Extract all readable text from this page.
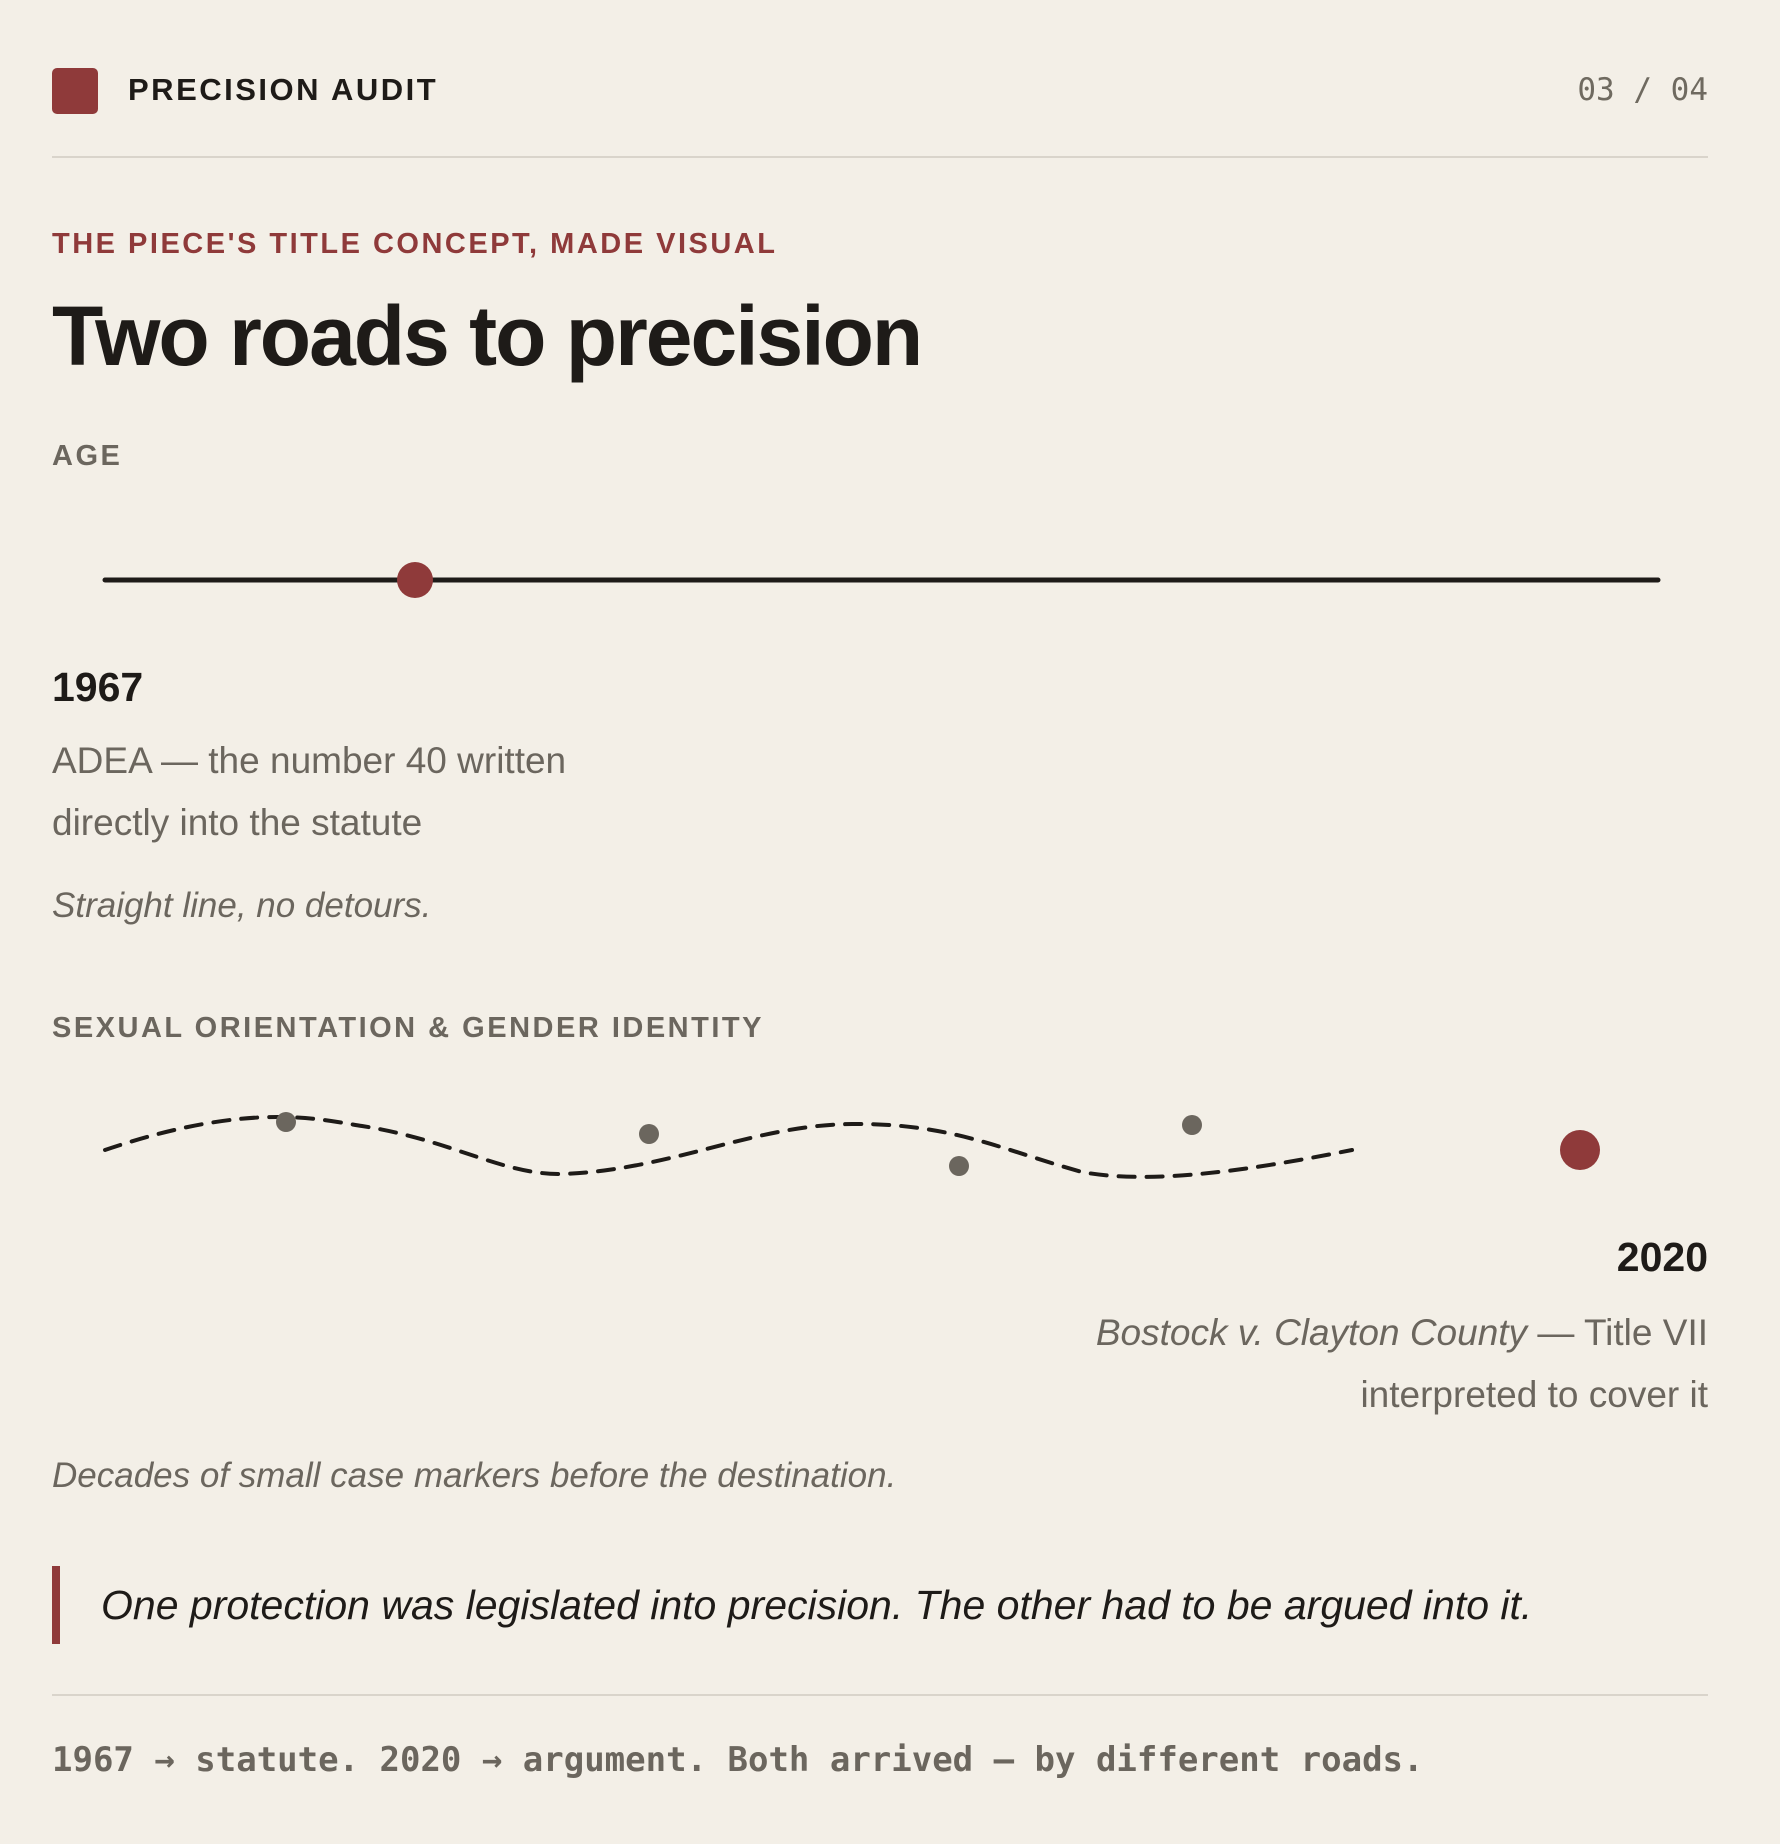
PRECISION AUDIT	03 / 04
THE PIECE'S TITLE CONCEPT, MADE VISUAL
Two roads to precision
AGE
1967
ADEA — the number 40 written
directly into the statute
Straight line, no detours.
SEXUAL ORIENTATION & GENDER IDENTITY
2020
Bostock v. Clayton County — Title VII
interpreted to cover it
Decades of small case markers before the destination.
One protection was legislated into precision. The other had to be argued into it.
1967 → statute. 2020 → argument. Both arrived — by different roads.
